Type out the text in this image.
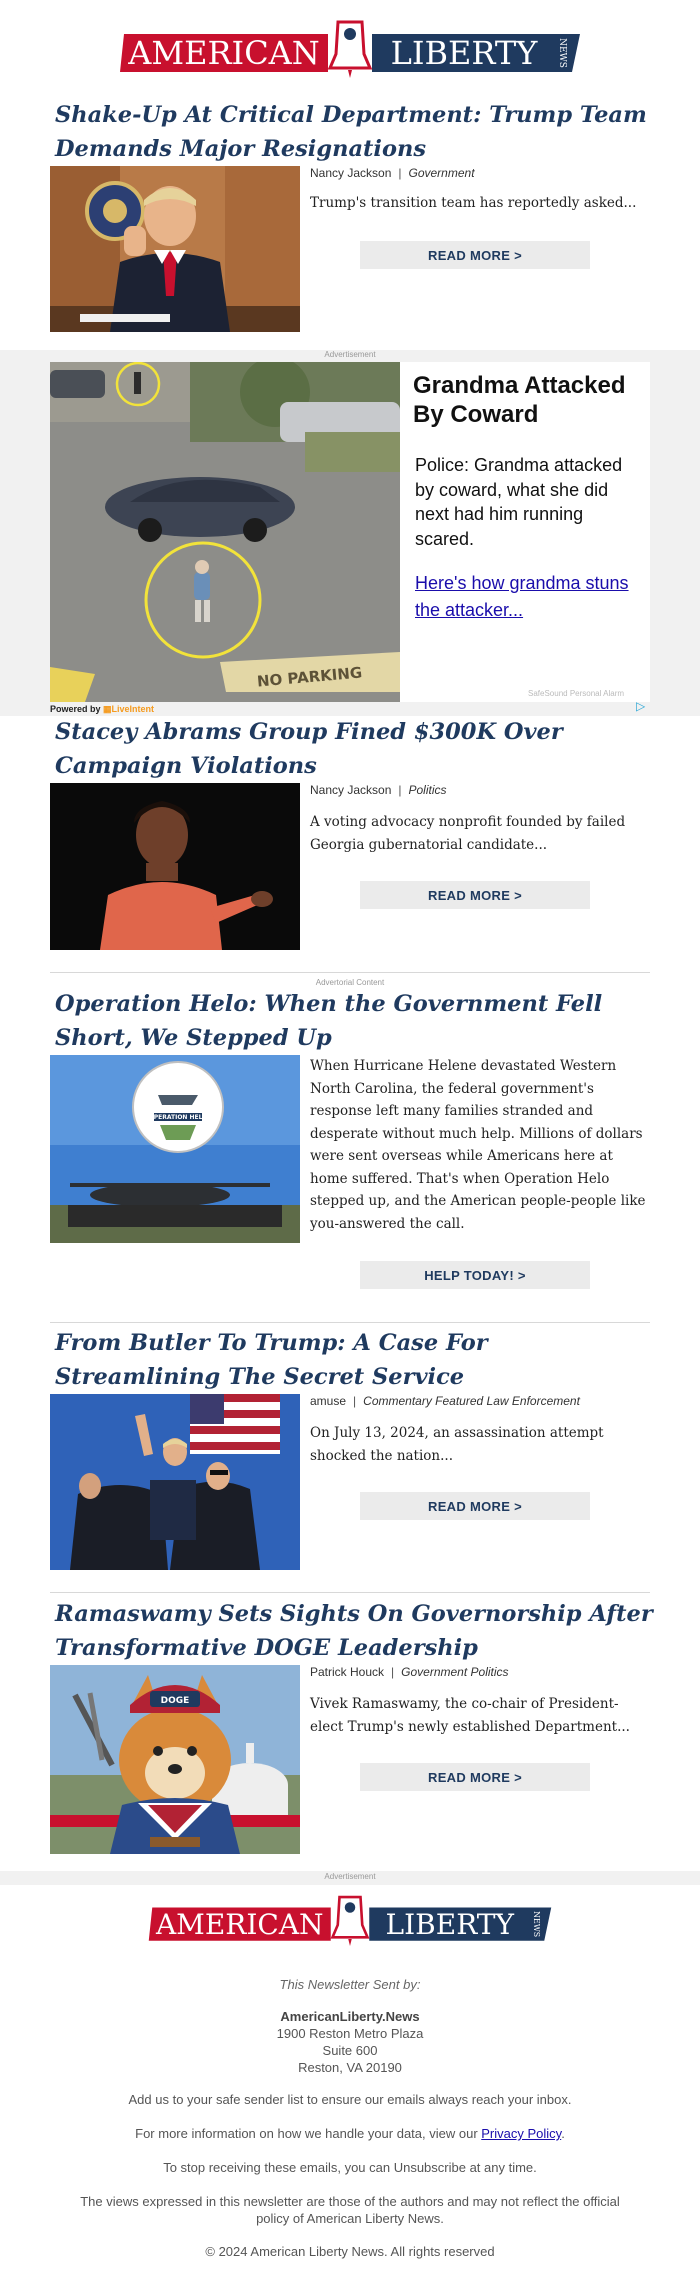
AMERICAN LIBERTY NEWS
Shake-Up At Critical Department: Trump Team Demands Major Resignations
Nancy Jackson | Government
Trump's transition team has reportedly asked...
READ MORE >
Advertisement
NO PARKING
Grandma Attacked By Coward
Police: Grandma attacked by coward, what she did next had him running scared.
Here's how grandma stuns the attacker...
SafeSound Personal Alarm
Powered by ▦LiveIntent	▷
Stacey Abrams Group Fined $300K Over Campaign Violations
Nancy Jackson | Politics
A voting advocacy nonprofit founded by failed Georgia gubernatorial candidate...
READ MORE >
Advertorial Content
Operation Helo: When the Government Fell Short, We Stepped Up
OPERATION HELO
When Hurricane Helene devastated Western North Carolina, the federal government's response left many families stranded and desperate without much help. Millions of dollars were sent overseas while Americans here at home suffered. That's when Operation Helo stepped up, and the American people-people like you-answered the call.
HELP TODAY! >
From Butler To Trump: A Case For Streamlining The Secret Service
amuse | Commentary Featured Law Enforcement
On July 13, 2024, an assassination attempt shocked the nation...
READ MORE >
Ramaswamy Sets Sights On Governorship After Transformative DOGE Leadership
DOGE
Patrick Houck | Government Politics
Vivek Ramaswamy, the co-chair of President-elect Trump's newly established Department...
READ MORE >
Advertisement
AMERICAN LIBERTY NEWS
This Newsletter Sent by:
AmericanLiberty.News
1900 Reston Metro Plaza
Suite 600
Reston, VA 20190
Add us to your safe sender list to ensure our emails always reach your inbox.
For more information on how we handle your data, view our Privacy Policy.
To stop receiving these emails, you can Unsubscribe at any time.
The views expressed in this newsletter are those of the authors and may not reflect the official policy of American Liberty News.
© 2024 American Liberty News. All rights reserved
